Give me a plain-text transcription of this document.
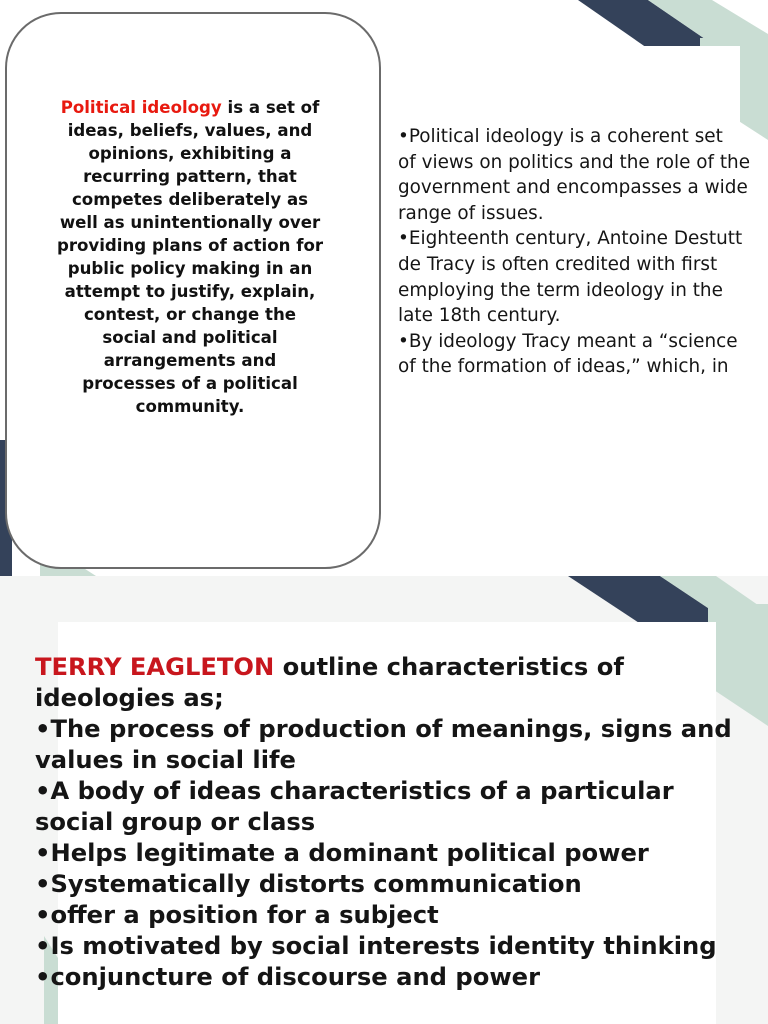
Political ideology is a set of ideas, beliefs, values, and opinions, exhibiting a recurring pattern, that competes deliberately as well as unintentionally over providing plans of action for public policy making in an attempt to justify, explain, contest, or change the social and political arrangements and processes of a political community.

•Political ideology is a coherent set

of views on politics and the role of the

government and encompasses a wide

range of issues.

•Eighteenth century, Antoine Destutt

de Tracy is often credited with first

employing the term ideology in the

late 18th century.

•By ideology Tracy meant a “science

of the formation of ideas,” which, in

TERRY EAGLETON outline characteristics of ideologies as;

•The process of production of meanings, signs and values in social life

•A body of ideas characteristics of a particular social group or class

•Helps legitimate a dominant political power

•Systematically distorts communication

•offer a position for a subject

•Is motivated by social interests identity thinking

•conjuncture of discourse and power
